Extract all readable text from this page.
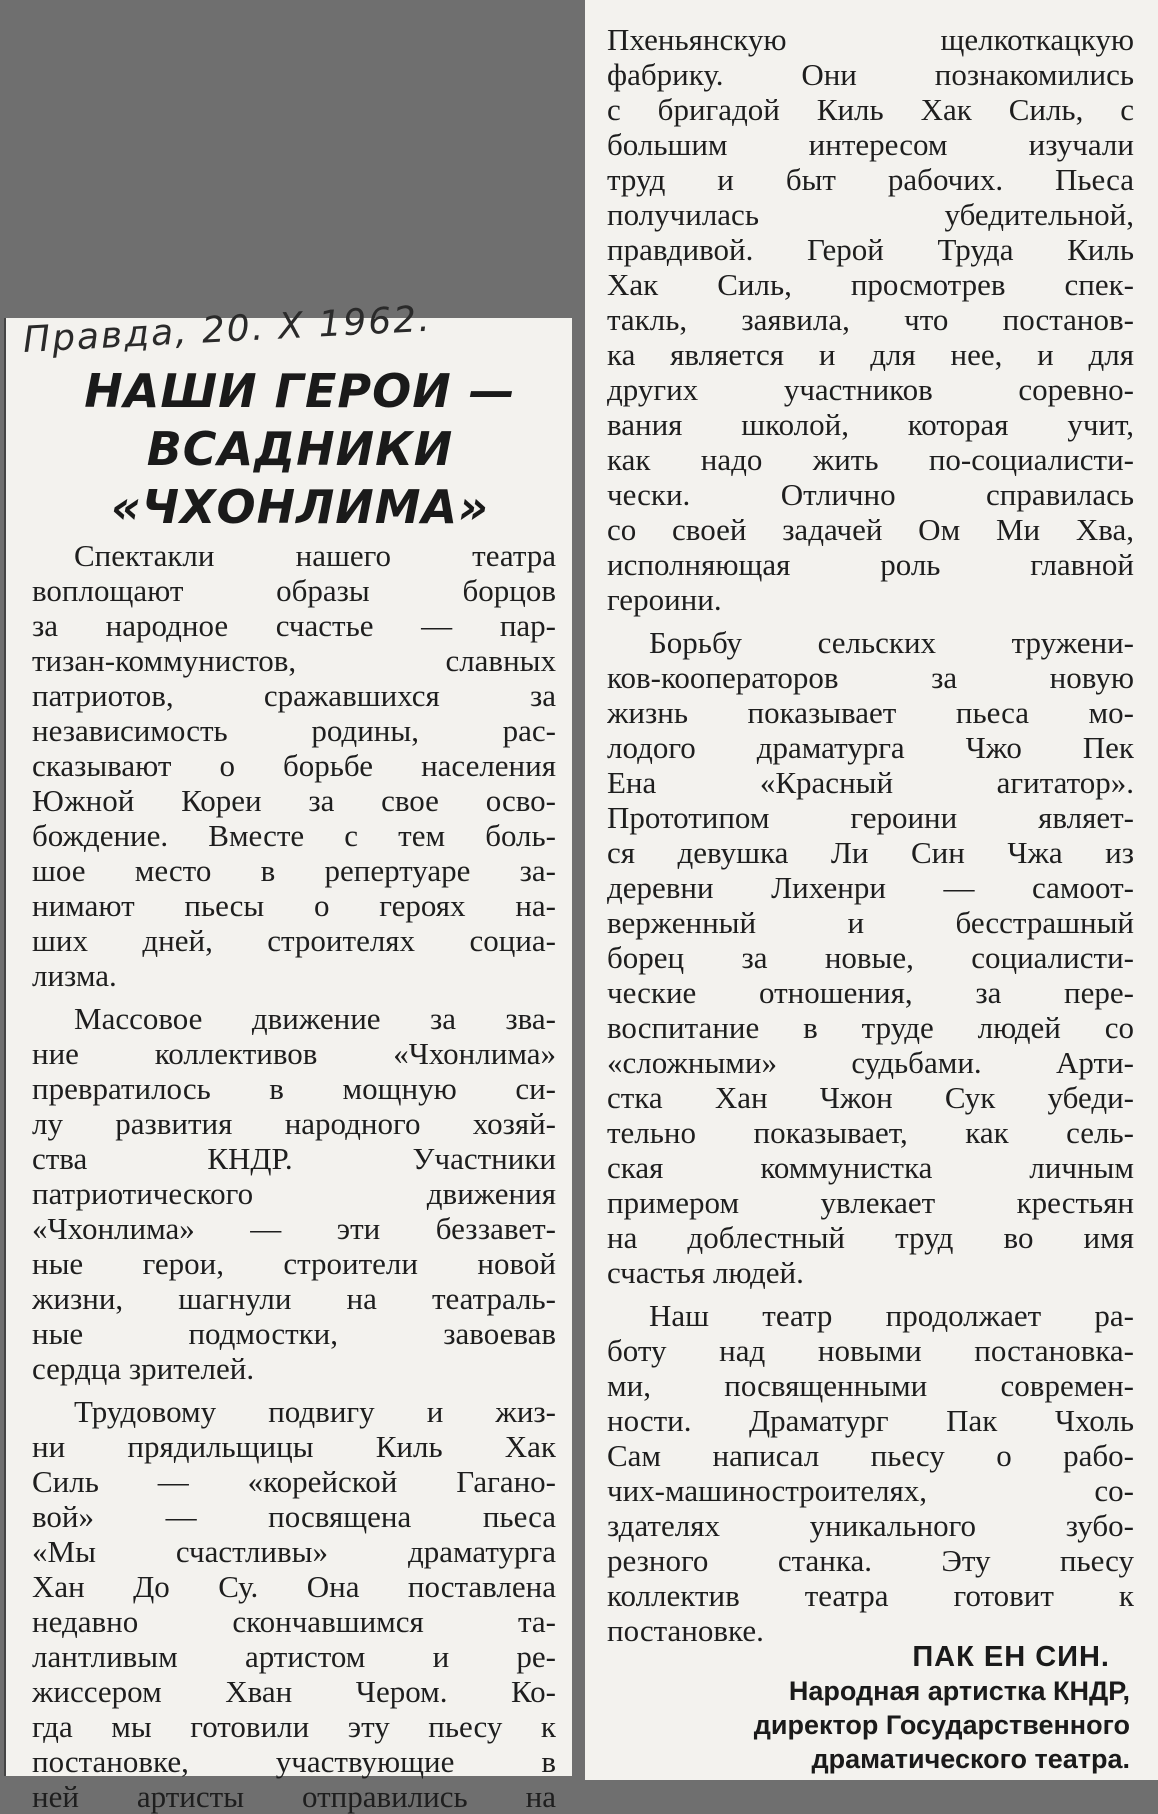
Правда, 20. Х 1962.
НАШИ ГЕРОИ —
ВСАДНИКИ
«ЧХОНЛИМА»
Спектакли нашего театра
воплощают образы борцов
за народное счастье — пар-
тизан-коммунистов, славных
патриотов, сражавшихся за
независимость родины, рас-
сказывают о борьбе населения
Южной Кореи за свое осво-
бождение. Вместе с тем боль-
шое место в репертуаре за-
нимают пьесы о героях на-
ших дней, строителях социа-
лизма.
Массовое движение за зва-
ние коллективов «Чхонлима»
превратилось в мощную си-
лу развития народного хозяй-
ства КНДР. Участники
патриотического движения
«Чхонлима» — эти беззавет-
ные герои, строители новой
жизни, шагнули на театраль-
ные подмостки, завоевав
сердца зрителей.
Трудовому подвигу и жиз-
ни прядильщицы Киль Хак
Силь — «корейской Гагано-
вой» — посвящена пьеса
«Мы счастливы» драматурга
Хан До Су. Она поставлена
недавно скончавшимся та-
лантливым артистом и ре-
жиссером Хван Чером. Ко-
гда мы готовили эту пьесу к
постановке, участвующие в
ней артисты отправились на
Пхеньянскую щелкоткацкую
фабрику. Они познакомились
с бригадой Киль Хак Силь, с
большим интересом изучали
труд и быт рабочих. Пьеса
получилась убедительной,
правдивой. Герой Труда Киль
Хак Силь, просмотрев спек-
такль, заявила, что постанов-
ка является и для нее, и для
других участников соревно-
вания школой, которая учит,
как надо жить по-социалисти-
чески. Отлично справилась
со своей задачей Ом Ми Хва,
исполняющая роль главной
героини.
Борьбу сельских тружени-
ков-кооператоров за новую
жизнь показывает пьеса мо-
лодого драматурга Чжо Пек
Ена «Красный агитатор».
Прототипом героини являет-
ся девушка Ли Син Чжа из
деревни Лихенри — самоот-
верженный и бесстрашный
борец за новые, социалисти-
ческие отношения, за пере-
воспитание в труде людей со
«сложными» судьбами. Арти-
стка Хан Чжон Сук убеди-
тельно показывает, как сель-
ская коммунистка личным
примером увлекает крестьян
на доблестный труд во имя
счастья людей.
Наш театр продолжает ра-
боту над новыми постановка-
ми, посвященными современ-
ности. Драматург Пак Чхоль
Сам написал пьесу о рабо-
чих-машиностроителях, со-
здателях уникального зубо-
резного станка. Эту пьесу
коллектив театра готовит к
постановке.
ПАК ЕН СИН.
Народная артистка КНДР,
директор Государственного
драматического театра.
